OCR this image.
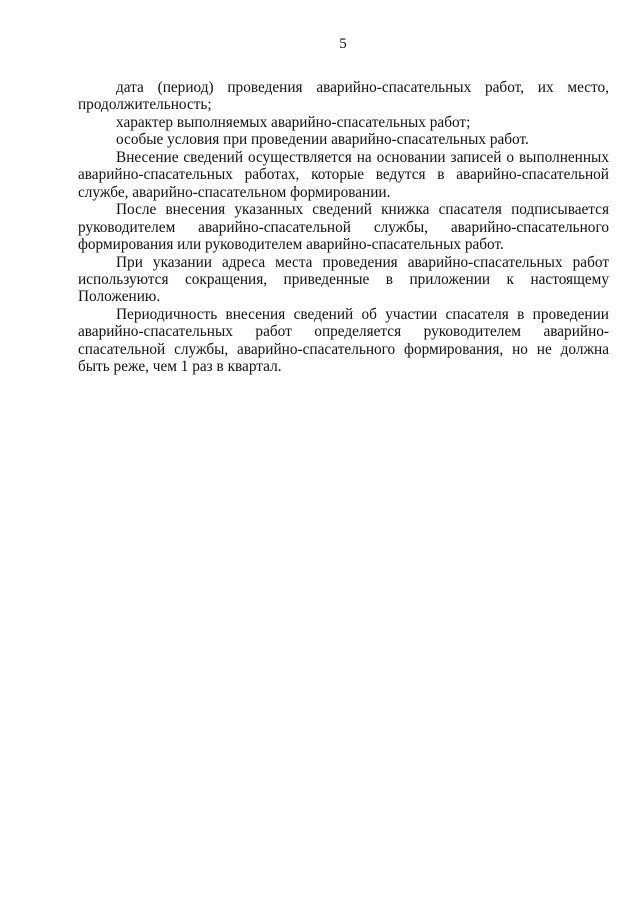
5

дата (период) проведения аварийно-спасательных работ, их место, продолжительность;

характер выполняемых аварийно-спасательных работ;

особые условия при проведении аварийно-спасательных работ.

Внесение сведений осуществляется на основании записей о выполненных аварийно-спасательных работах, которые ведутся в аварийно-спасательной службе, аварийно-спасательном формировании.

После внесения указанных сведений книжка спасателя подписывается руководителем аварийно-спасательной службы, аварийно-спасательного формирования или руководителем аварийно-спасательных работ.

При указании адреса места проведения аварийно-спасательных работ используются сокращения, приведенные в приложении к настоящему Положению.

Периодичность внесения сведений об участии спасателя в проведении аварийно-спасательных работ определяется руководителем аварийно-спасательной службы, аварийно-спасательного формирования, но не должна быть реже, чем 1 раз в квартал.
